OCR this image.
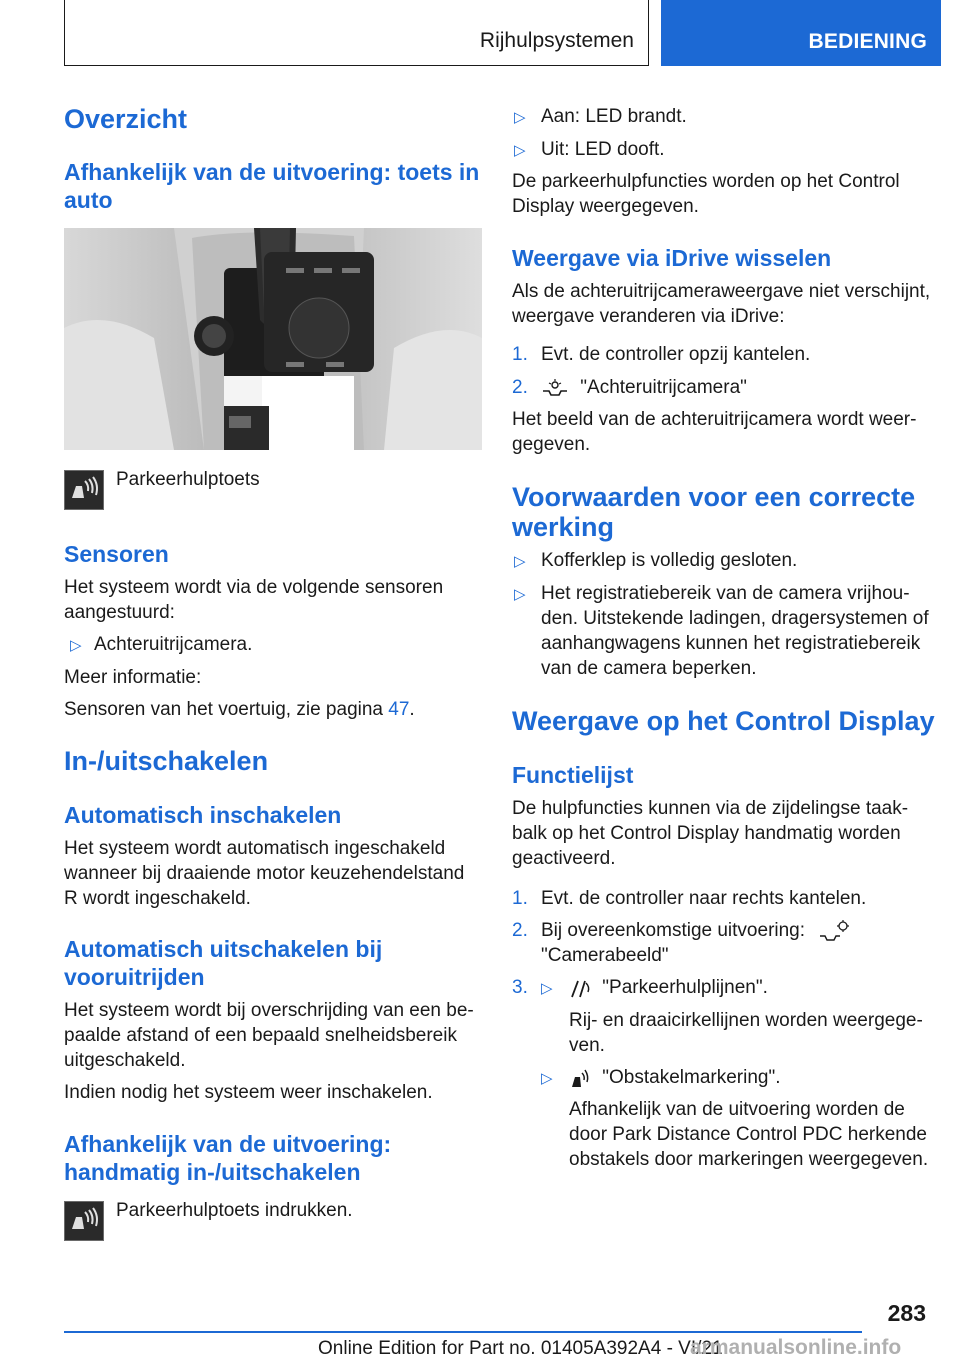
Rijhulpsystemen	BEDIENING
Overzicht
Afhankelijk van de uitvoering: toets in auto
Parkeerhulptoets
Sensoren
Het systeem wordt via de volgende sensoren aangestuurd:
▷ Achteruitrijcamera.
Meer informatie:
Sensoren van het voertuig, zie pagina 47.
In-/uitschakelen
Automatisch inschakelen
Het systeem wordt automatisch ingeschakeld wanneer bij draaiende motor keuzehendelstand R wordt ingeschakeld.
Automatisch uitschakelen bij vooruitrijden
Het systeem wordt bij overschrijding van een bepaalde afstand of een bepaald snelheidsbereik uitgeschakeld.
Indien nodig het systeem weer inschakelen.
Afhankelijk van de uitvoering: handmatig in-/uitschakelen
Parkeerhulptoets indrukken.
▷ Aan: LED brandt.
▷ Uit: LED dooft.
De parkeerhulpfuncties worden op het Control Display weergegeven.
Weergave via iDrive wisselen
Als de achteruitrijcameraweergave niet verschijnt, weergave veranderen via iDrive:
1. Evt. de controller opzij kantelen.
2.	"Achteruitrijcamera"
Het beeld van de achteruitrijcamera wordt weergegeven.
Voorwaarden voor een correcte werking
▷ Kofferklep is volledig gesloten.
▷ Het registratiebereik van de camera vrijhouden. Uitstekende ladingen, dragersystemen of aanhangwagens kunnen het registratiebereik van de camera beperken.
Weergave op het Control Display
Functielijst
De hulpfuncties kunnen via de zijdelingse taakbalk op het Control Display handmatig worden geactiveerd.
1. Evt. de controller naar rechts kantelen.
2. Bij overeenkomstige uitvoering:
"Camerabeeld"
3. ▷	"Parkeerhulplijnen".
Rij- en draaicirkellijnen worden weergegeven.
▷	"Obstakelmarkering".
Afhankelijk van de uitvoering worden de door Park Distance Control PDC herkende obstakels door markeringen weergegeven.
283
Online Edition for Part no. 01405A392A4 - VI/21
armanualsonline.info
